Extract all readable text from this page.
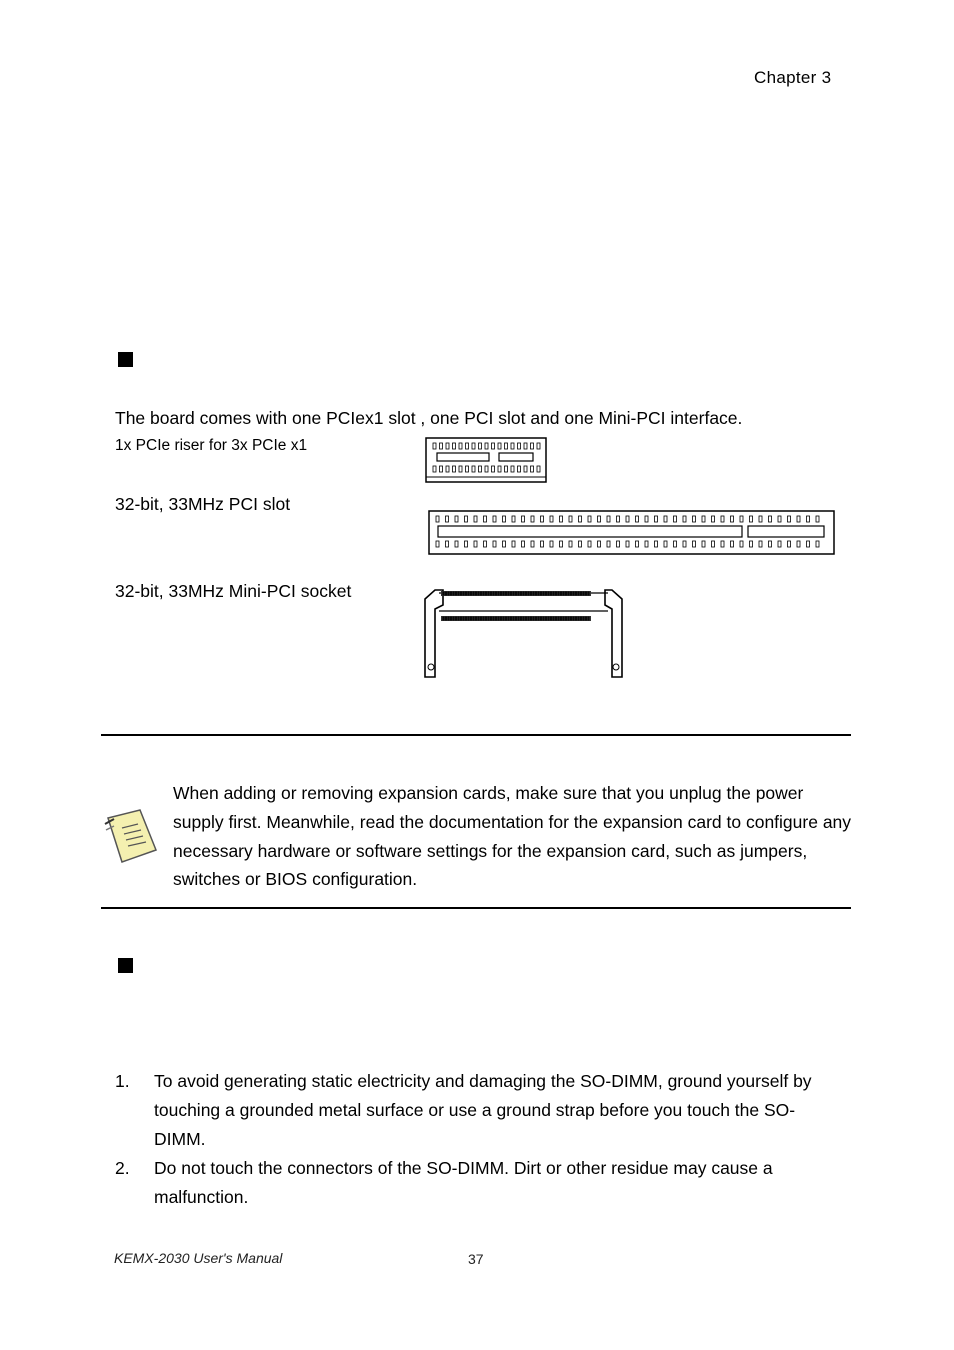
Chapter 3
The board comes with one PCIex1 slot , one PCI slot and one Mini-PCI interface.
1x PCIe riser for 3x PCIe x1
32-bit, 33MHz PCI slot
32-bit, 33MHz Mini-PCI socket
When adding or removing expansion cards, make sure that you unplug the power supply first. Meanwhile, read the documentation for the expansion card to configure any necessary hardware or software settings for the expansion card, such as jumpers, switches or BIOS configuration.
1. To avoid generating static electricity and damaging the SO-DIMM, ground yourself by touching a grounded metal surface or use a ground strap before you touch the SO-DIMM.
2. Do not touch the connectors of the SO-DIMM. Dirt or other residue may cause a malfunction.
KEMX-2030 User's Manual	37
